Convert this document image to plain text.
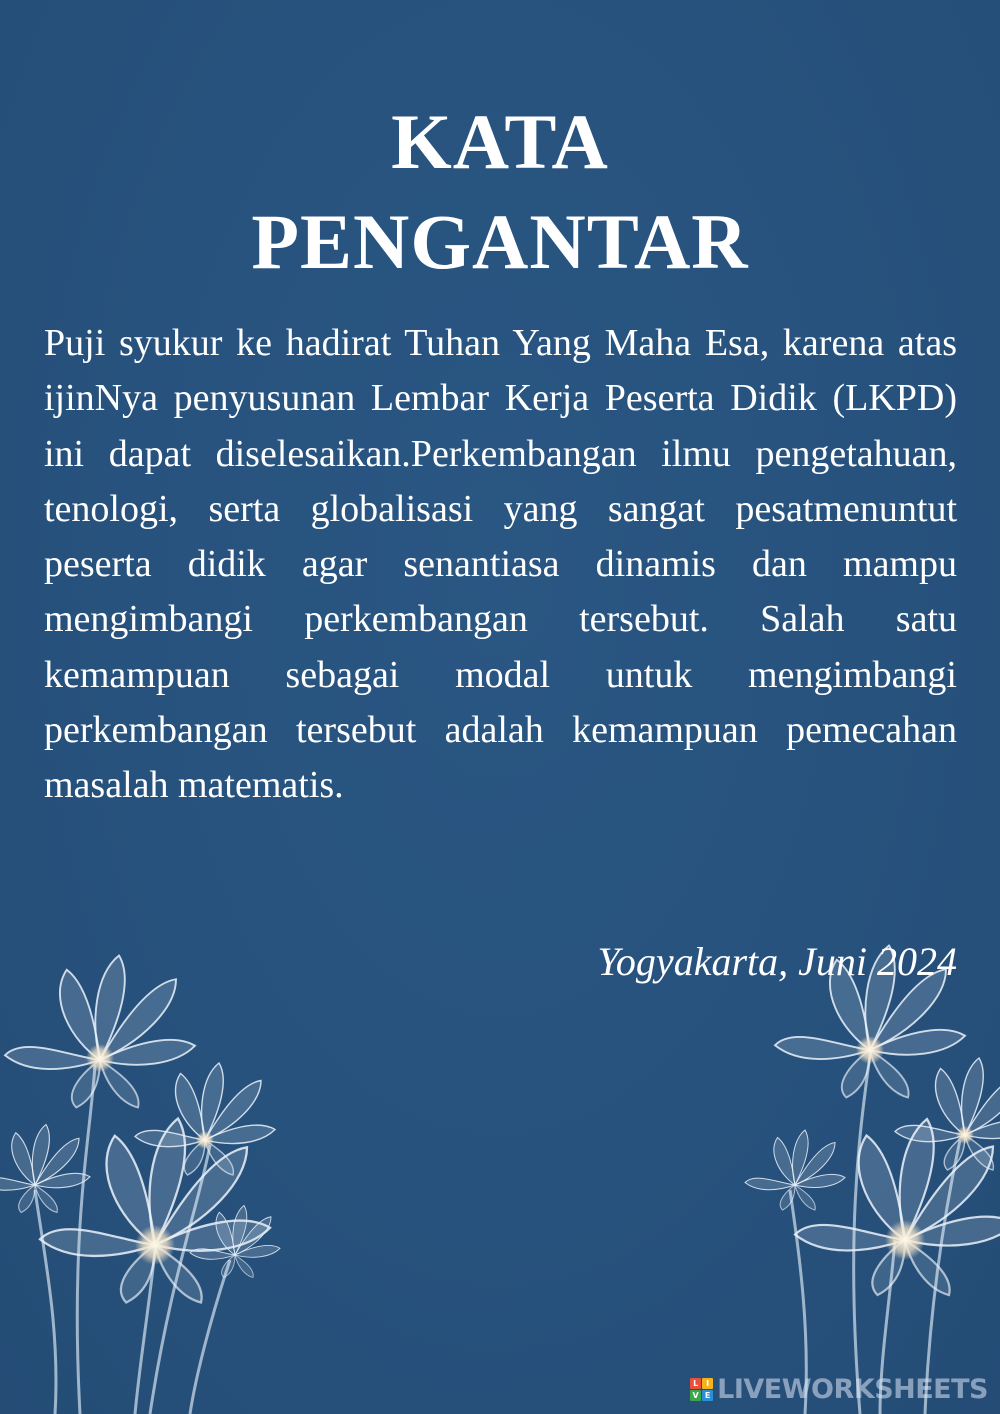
KATA
PENGANTAR

Puji syukur ke hadirat Tuhan Yang Maha Esa, karena atas ijinNya penyusunan Lembar Kerja Peserta Didik (LKPD) ini dapat diselesaikan.Perkembangan ilmu pengetahuan, tenologi, serta globalisasi yang sangat pesatmenuntut peserta didik agar senantiasa dinamis dan mampu mengimbangi perkembangan tersebut. Salah satu kemampuan sebagai modal untuk mengimbangi perkembangan tersebut adalah kemampuan pemecahan masalah matematis.

Yogyakarta, Juni 2024
L I
V E LIVEWORKSHEETS
